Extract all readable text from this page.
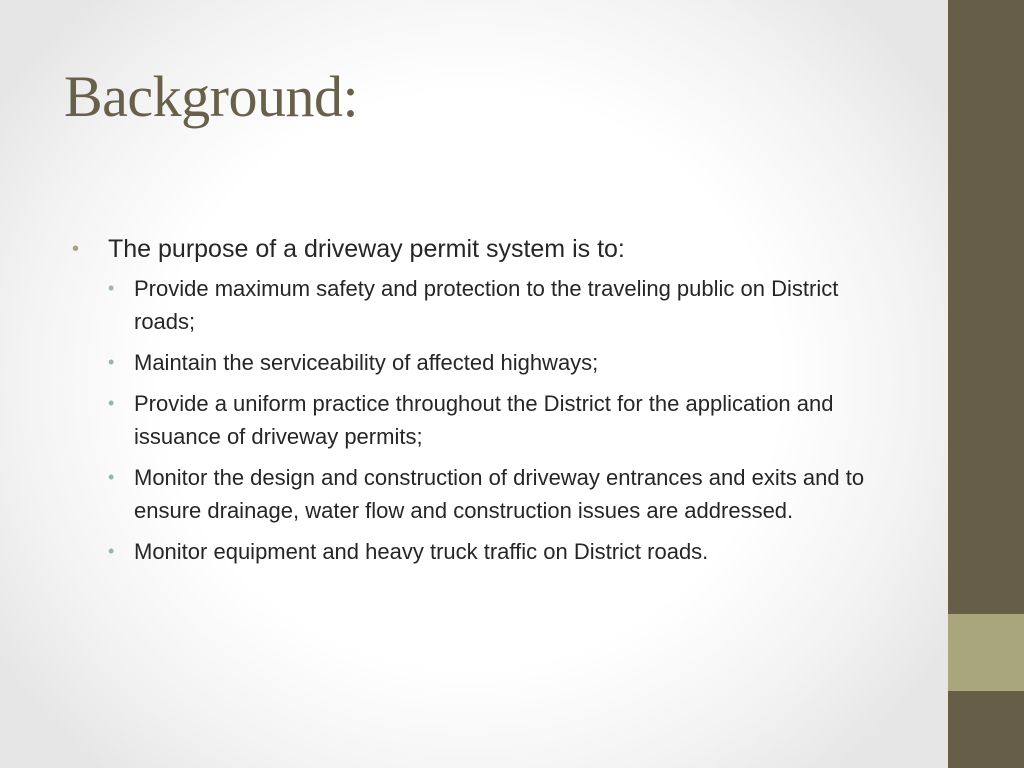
Background:
• The purpose of a driveway permit system is to:
• Provide maximum safety and protection to the traveling public on District roads;
• Maintain the serviceability of affected highways;
• Provide a uniform practice throughout the District for the application and issuance of driveway permits;
• Monitor the design and construction of driveway entrances and exits and to ensure drainage, water flow and construction issues are addressed.
• Monitor equipment and heavy truck traffic on District roads.
